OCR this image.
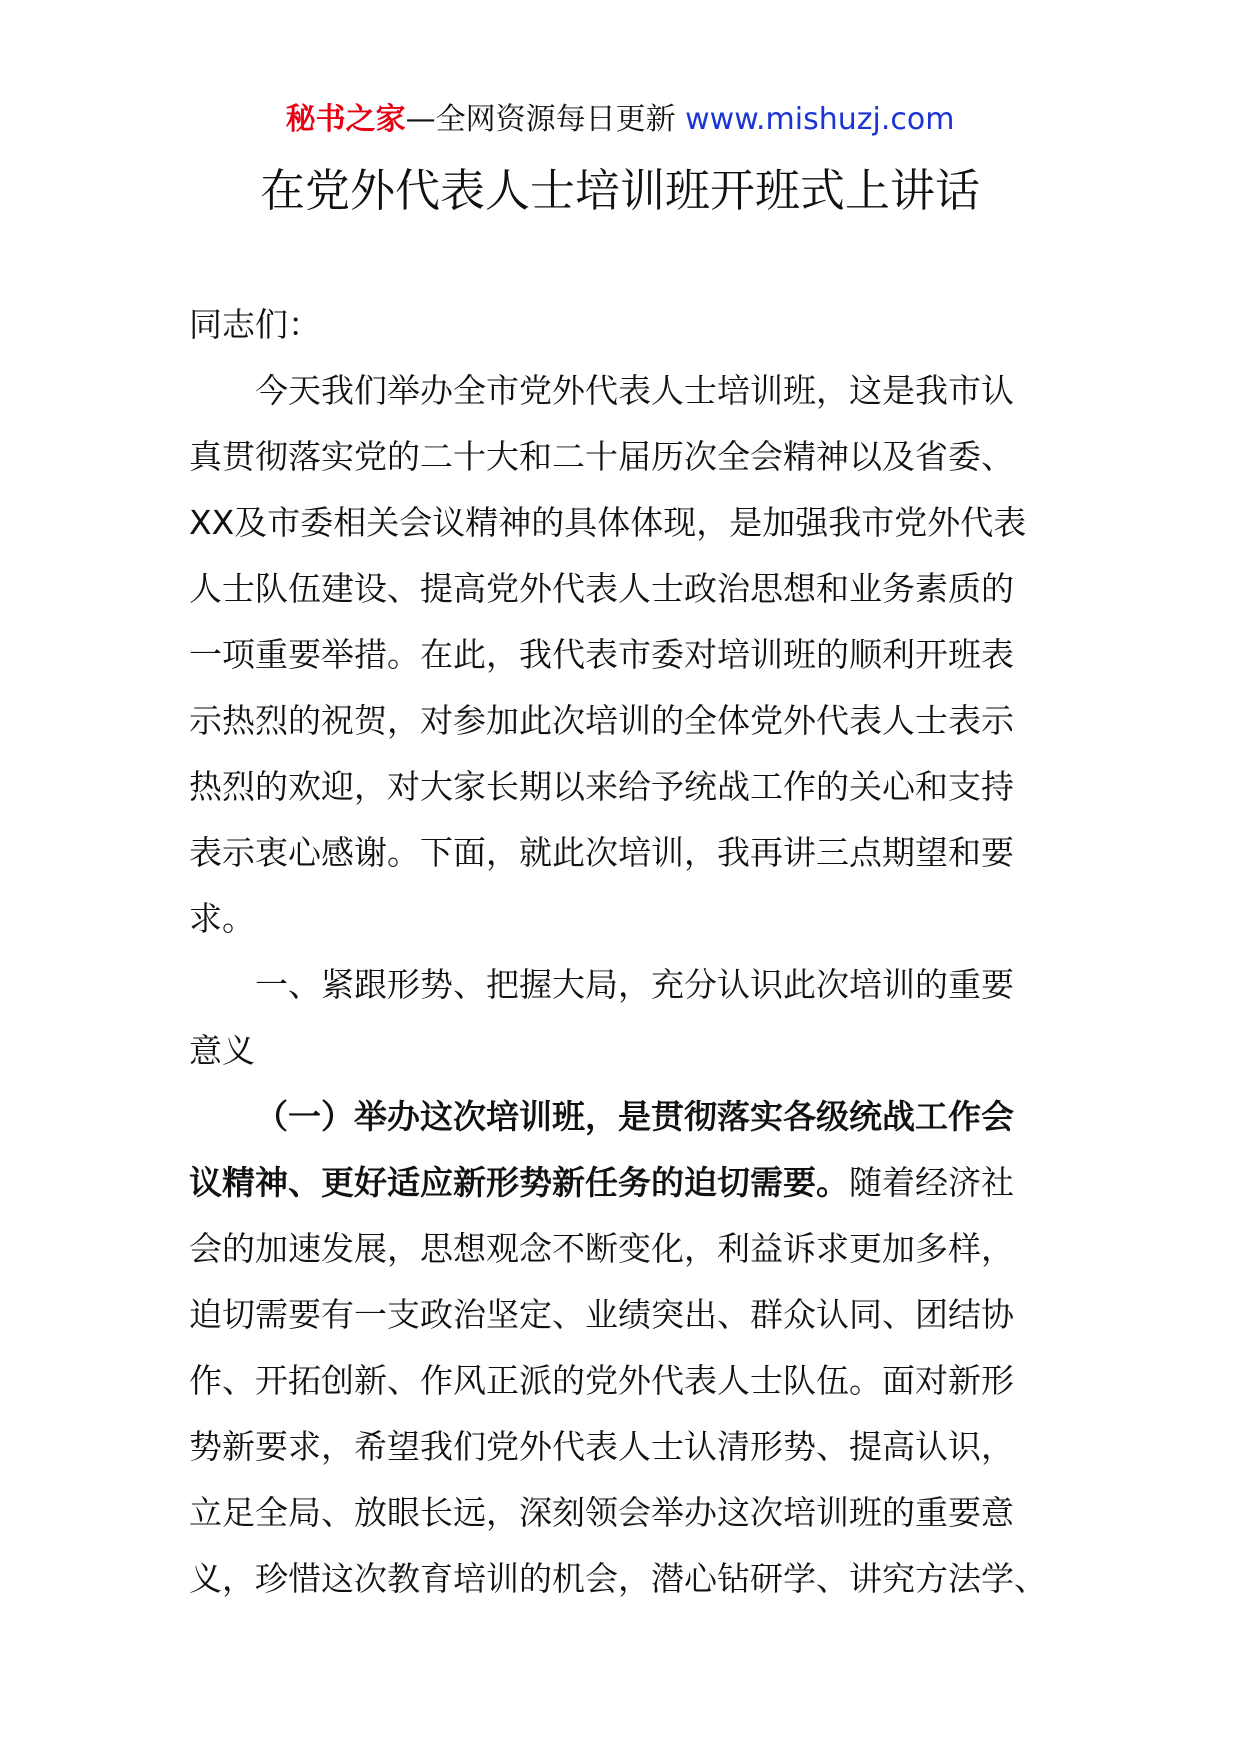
秘书之家—全网资源每日更新 www.mishuzj.com
在党外代表人士培训班开班式上讲话
同志们：
今天我们举办全市党外代表人士培训班，这是我市认
真贯彻落实党的二十大和二十届历次全会精神以及省委、
XX及市委相关会议精神的具体体现，是加强我市党外代表
人士队伍建设、提高党外代表人士政治思想和业务素质的
一项重要举措。在此，我代表市委对培训班的顺利开班表
示热烈的祝贺，对参加此次培训的全体党外代表人士表示
热烈的欢迎，对大家长期以来给予统战工作的关心和支持
表示衷心感谢。下面，就此次培训，我再讲三点期望和要
求。
一、紧跟形势、把握大局，充分认识此次培训的重要
意义
（一）举办这次培训班，是贯彻落实各级统战工作会
议精神、更好适应新形势新任务的迫切需要。随着经济社
会的加速发展，思想观念不断变化，利益诉求更加多样，
迫切需要有一支政治坚定、业绩突出、群众认同、团结协
作、开拓创新、作风正派的党外代表人士队伍。面对新形
势新要求，希望我们党外代表人士认清形势、提高认识，
立足全局、放眼长远，深刻领会举办这次培训班的重要意
义，珍惜这次教育培训的机会，潜心钻研学、讲究方法学、
